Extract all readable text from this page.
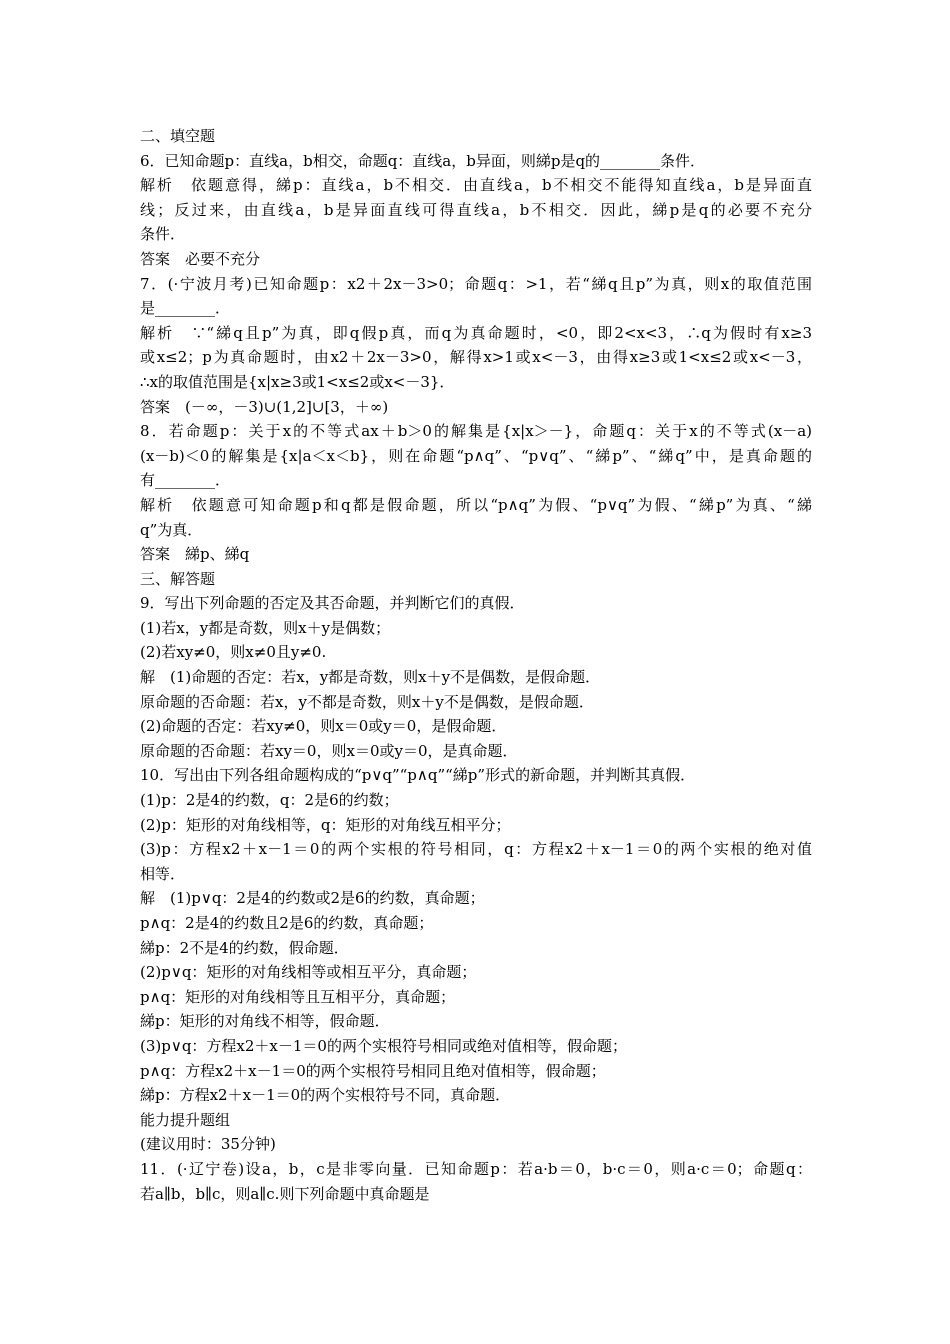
二、填空题
6．已知命题p：直线a，b相交，命题q：直线a，b异面，则綈p是q的________条件．
解析　依题意得，綈p：直线a，b不相交．由直线a，b不相交不能得知直线a，b是异面直
线；反过来，由直线a，b是异面直线可得直线a，b不相交．因此，綈p是q的必要不充分
条件．
答案　必要不充分
7．(·宁波月考)已知命题p：x2＋2x－3>0；命题q：>1，若“綈q且p”为真，则x的取值范围
是________．
解析　∵“綈q且p”为真，即q假p真，而q为真命题时，<0，即2<x<3，∴q为假时有x≥3
或x≤2；p为真命题时，由x2＋2x－3>0，解得x>1或x<－3，由得x≥3或1<x≤2或x<－3，
∴x的取值范围是{x|x≥3或1<x≤2或x<－3}．
答案　(－∞，－3)∪(1,2]∪[3，＋∞)
8．若命题p：关于x的不等式ax＋b＞0的解集是{x|x＞－}，命题q：关于x的不等式(x－a)
(x－b)＜0的解集是{x|a＜x＜b}，则在命题“p∧q”、“p∨q”、“綈p”、“綈q”中，是真命题的
有________．
解析　依题意可知命题p和q都是假命题，所以“p∧q”为假、“p∨q”为假、“綈p”为真、“綈
q”为真．
答案　綈p、綈q
三、解答题
9．写出下列命题的否定及其否命题，并判断它们的真假．
(1)若x，y都是奇数，则x＋y是偶数；
(2)若xy≠0，则x≠0且y≠0.
解　(1)命题的否定：若x，y都是奇数，则x＋y不是偶数，是假命题．
原命题的否命题：若x，y不都是奇数，则x＋y不是偶数，是假命题．
(2)命题的否定：若xy≠0，则x＝0或y＝0，是假命题．
原命题的否命题：若xy＝0，则x＝0或y＝0，是真命题．
10．写出由下列各组命题构成的“p∨q”“p∧q”“綈p”形式的新命题，并判断其真假．
(1)p：2是4的约数，q：2是6的约数；
(2)p：矩形的对角线相等，q：矩形的对角线互相平分；
(3)p：方程x2＋x－1＝0的两个实根的符号相同，q：方程x2＋x－1＝0的两个实根的绝对值
相等．
解　(1)p∨q：2是4的约数或2是6的约数，真命题；
p∧q：2是4的约数且2是6的约数，真命题；
綈p：2不是4的约数，假命题．
(2)p∨q：矩形的对角线相等或相互平分，真命题；
p∧q：矩形的对角线相等且互相平分，真命题；
綈p：矩形的对角线不相等，假命题．
(3)p∨q：方程x2＋x－1＝0的两个实根符号相同或绝对值相等，假命题；
p∧q：方程x2＋x－1＝0的两个实根符号相同且绝对值相等，假命题；
綈p：方程x2＋x－1＝0的两个实根符号不同，真命题．
能力提升题组
(建议用时：35分钟)
11．(·辽宁卷)设a，b，c是非零向量．已知命题p：若a·b＝0，b·c＝0，则a·c＝0；命题q：
若a∥b，b∥c，则a∥c.则下列命题中真命题是
